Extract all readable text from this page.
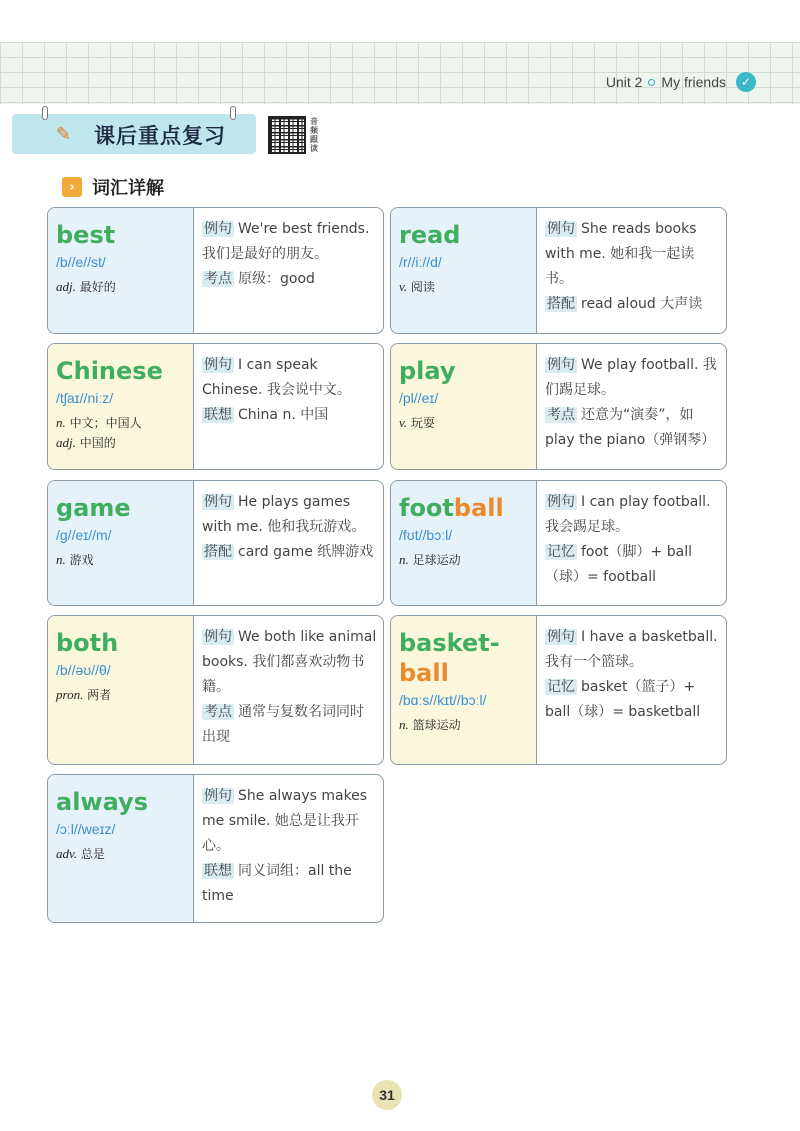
Unit 2 My friends	✓
✎ 课后重点复习
音频跟读
› 词汇详解
best
/b//e//st/
adj. 最好的
例句 We're best friends. 我们是最好的朋友。
考点 原级：good
read
/r//iː//d/
v. 阅读
例句 She reads books with me. 她和我一起读书。
搭配 read aloud 大声读
Chinese
/tʃaɪ//niːz/
n. 中文；中国人
adj. 中国的
例句 I can speak Chinese. 我会说中文。
联想 China n. 中国
play
/pl//eɪ/
v. 玩耍
例句 We play football. 我们踢足球。
考点 还意为“演奏”，如 play the piano（弹钢琴）
game
/g//eɪ//m/
n. 游戏
例句 He plays games with me. 他和我玩游戏。
搭配 card game 纸牌游戏
football
/fʊt//bɔːl/
n. 足球运动
例句 I can play football. 我会踢足球。
记忆 foot（脚）+ ball（球）= football
both
/b//əʊ//θ/
pron. 两者
例句 We both like animal books. 我们都喜欢动物书籍。
考点 通常与复数名词同时出现
basket-
ball
/bɑːs//kɪt//bɔːl/
n. 篮球运动
例句 I have a basketball. 我有一个篮球。
记忆 basket（篮子）+ ball（球）= basketball
always
/ɔːl//weɪz/
adv. 总是
例句 She always makes me smile. 她总是让我开心。
联想 同义词组：all the time
31
